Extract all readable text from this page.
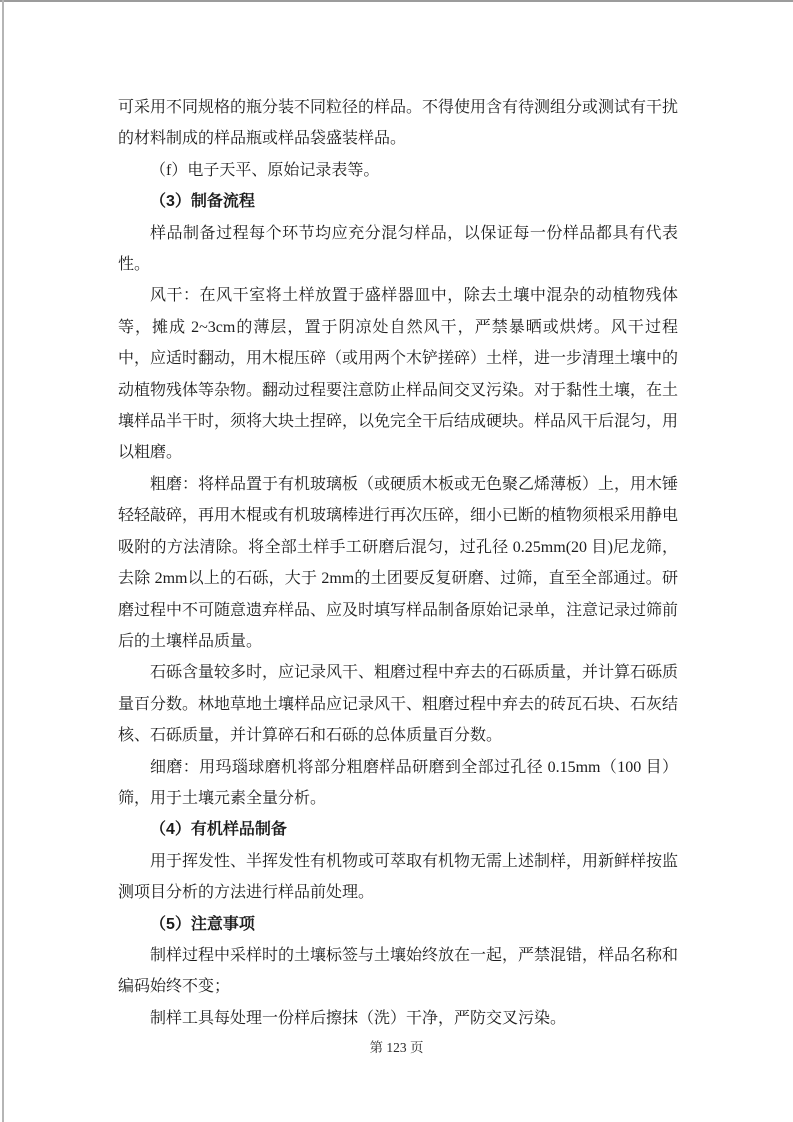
可采用不同规格的瓶分装不同粒径的样品。不得使用含有待测组分或测试有干扰的材料制成的样品瓶或样品袋盛装样品。

（f）电子天平、原始记录表等。

（3）制备流程

样品制备过程每个环节均应充分混匀样品，以保证每一份样品都具有代表性。

风干：在风干室将土样放置于盛样器皿中，除去土壤中混杂的动植物残体等，摊成 2~3cm的薄层，置于阴凉处自然风干，严禁暴晒或烘烤。风干过程中，应适时翻动，用木棍压碎（或用两个木铲搓碎）土样，进一步清理土壤中的动植物残体等杂物。翻动过程要注意防止样品间交叉污染。对于黏性土壤，在土壤样品半干时，须将大块土捏碎，以免完全干后结成硬块。样品风干后混匀，用以粗磨。

粗磨：将样品置于有机玻璃板（或硬质木板或无色聚乙烯薄板）上，用木锤轻轻敲碎，再用木棍或有机玻璃棒进行再次压碎，细小已断的植物须根采用静电吸附的方法清除。将全部土样手工研磨后混匀，过孔径 0.25mm(20 目)尼龙筛，去除 2mm以上的石砾，大于 2mm的土团要反复研磨、过筛，直至全部通过。研磨过程中不可随意遗弃样品、应及时填写样品制备原始记录单，注意记录过筛前后的土壤样品质量。

石砾含量较多时，应记录风干、粗磨过程中弃去的石砾质量，并计算石砾质量百分数。林地草地土壤样品应记录风干、粗磨过程中弃去的砖瓦石块、石灰结核、石砾质量，并计算碎石和石砾的总体质量百分数。

细磨：用玛瑙球磨机将部分粗磨样品研磨到全部过孔径 0.15mm（100 目）筛，用于土壤元素全量分析。

（4）有机样品制备

用于挥发性、半挥发性有机物或可萃取有机物无需上述制样，用新鲜样按监测项目分析的方法进行样品前处理。

（5）注意事项

制样过程中采样时的土壤标签与土壤始终放在一起，严禁混错，样品名称和编码始终不变；

制样工具每处理一份样后擦抹（洗）干净，严防交叉污染。

第 123 页
